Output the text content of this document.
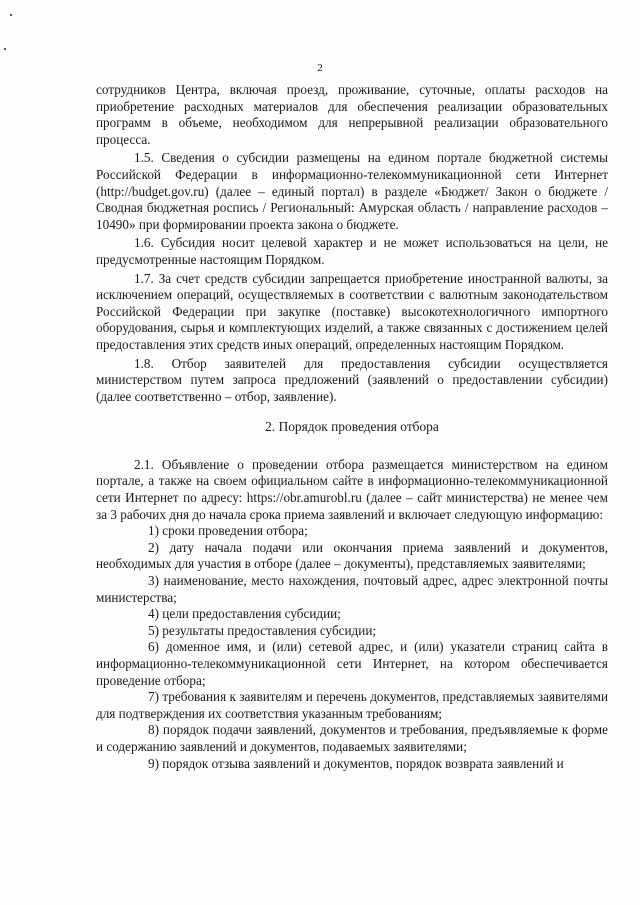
2

сотрудников Центра, включая проезд, проживание, суточные, оплаты расходов на приобретение расходных материалов для обеспечения реализации образовательных программ в объеме, необходимом для непрерывной реализации образовательного процесса.

1.5. Сведения о субсидии размещены на едином портале бюджетной системы Российской Федерации в информационно-телекоммуникационной сети Интернет (http://budget.gov.ru) (далее – единый портал) в разделе «Бюджет/ Закон о бюджете / Сводная бюджетная роспись / Региональный: Амурская область / направление расходов – 10490» при формировании проекта закона о бюджете.

1.6. Субсидия носит целевой характер и не может использоваться на цели, не предусмотренные настоящим Порядком.

1.7. За счет средств субсидии запрещается приобретение иностранной валюты, за исключением операций, осуществляемых в соответствии с валютным законодательством Российской Федерации при закупке (поставке) высокотехнологичного импортного оборудования, сырья и комплектующих изделий, а также связанных с достижением целей предоставления этих средств иных операций, определенных настоящим Порядком.

1.8. Отбор заявителей для предоставления субсидии осуществляется министерством путем запроса предложений (заявлений о предоставлении субсидии) (далее соответственно – отбор, заявление).

2. Порядок проведения отбора

2.1. Объявление о проведении отбора размещается министерством на едином портале, а также на своем официальном сайте в информационно-телекоммуникационной сети Интернет по адресу: https://obr.amurobl.ru (далее – сайт министерства) не менее чем за 3 рабочих дня до начала срока приема заявлений и включает следующую информацию:

1) сроки проведения отбора;

2) дату начала подачи или окончания приема заявлений и документов, необходимых для участия в отборе (далее – документы), представляемых заявителями;

3) наименование, место нахождения, почтовый адрес, адрес электронной почты министерства;

4) цели предоставления субсидии;

5) результаты предоставления субсидии;

6) доменное имя, и (или) сетевой адрес, и (или) указатели страниц сайта в информационно-телекоммуникационной сети Интернет, на котором обеспечивается проведение отбора;

7) требования к заявителям и перечень документов, представляемых заявителями для подтверждения их соответствия указанным требованиям;

8) порядок подачи заявлений, документов и требования, предъявляемые к форме и содержанию заявлений и документов, подаваемых заявителями;

9) порядок отзыва заявлений и документов, порядок возврата заявлений и
